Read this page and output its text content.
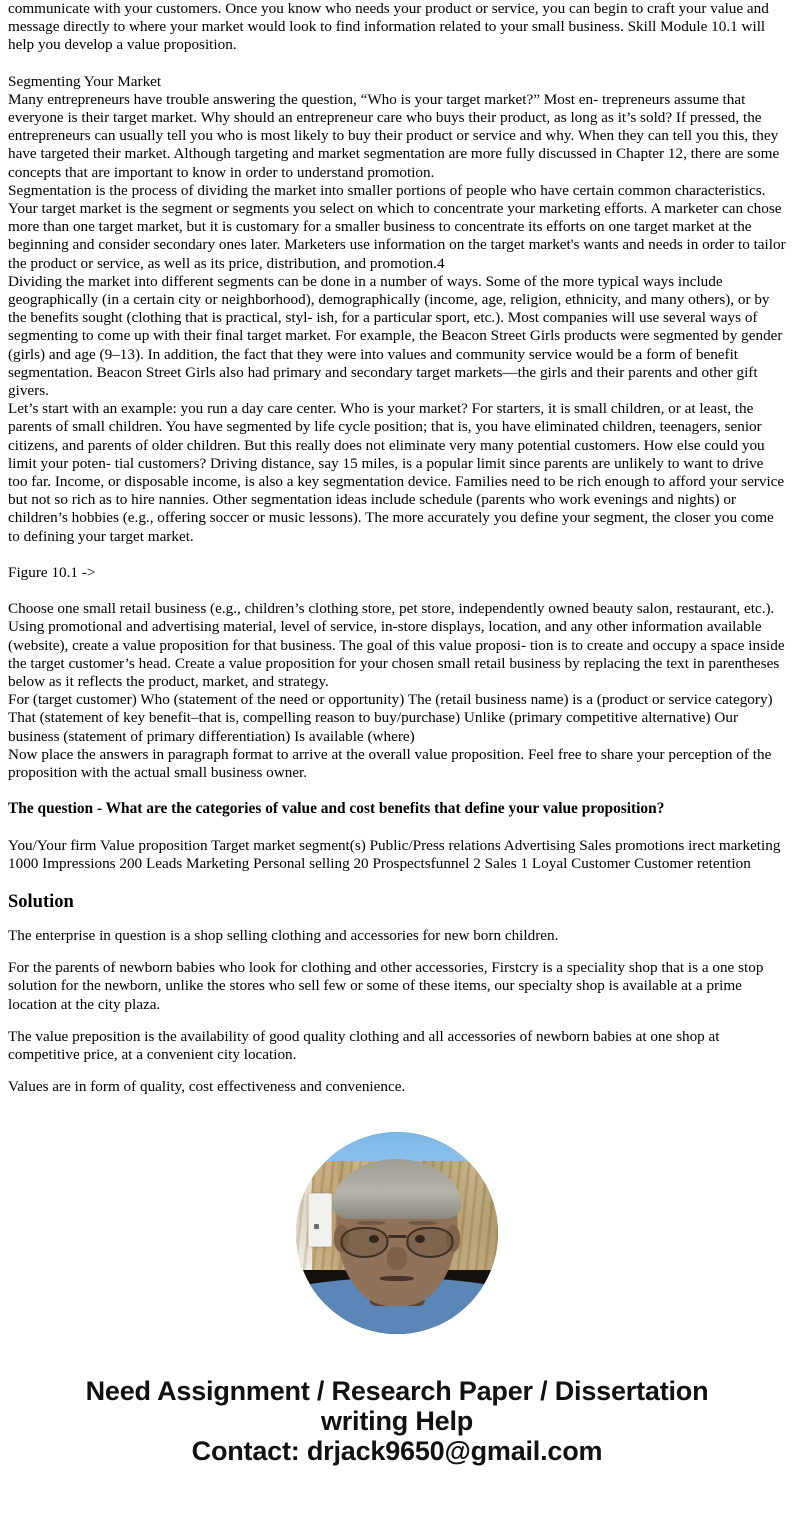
communicate with your customers. Once you know who needs your product or service, you can begin to craft your value and message directly to where your market would look to find information related to your small business. Skill Module 10.1 will help you develop a value proposition.

Segmenting Your Market

Many entrepreneurs have trouble answering the question, “Who is your target market?” Most en- trepreneurs assume that everyone is their target market. Why should an entrepreneur care who buys their product, as long as it’s sold? If pressed, the entrepreneurs can usually tell you who is most likely to buy their product or service and why. When they can tell you this, they have targeted their market. Although targeting and market segmentation are more fully discussed in Chapter 12, there are some concepts that are important to know in order to understand promotion.

Segmentation is the process of dividing the market into smaller portions of people who have certain common characteristics. Your target market is the segment or segments you select on which to concentrate your marketing efforts. A marketer can chose more than one target market, but it is customary for a smaller business to concentrate its efforts on one target market at the beginning and consider secondary ones later. Marketers use information on the target market's wants and needs in order to tailor the product or service, as well as its price, distribution, and promotion.4

Dividing the market into different segments can be done in a number of ways. Some of the more typical ways include geographically (in a certain city or neighborhood), demographically (income, age, religion, ethnicity, and many others), or by the benefits sought (clothing that is practical, styl- ish, for a particular sport, etc.). Most companies will use several ways of segmenting to come up with their final target market. For example, the Beacon Street Girls products were segmented by gender (girls) and age (9–13). In addition, the fact that they were into values and community service would be a form of benefit segmentation. Beacon Street Girls also had primary and secondary target markets—the girls and their parents and other gift givers.

Let’s start with an example: you run a day care center. Who is your market? For starters, it is small children, or at least, the parents of small children. You have segmented by life cycle position; that is, you have eliminated children, teenagers, senior citizens, and parents of older children. But this really does not eliminate very many potential customers. How else could you limit your poten- tial customers? Driving distance, say 15 miles, is a popular limit since parents are unlikely to want to drive too far. Income, or disposable income, is also a key segmentation device. Families need to be rich enough to afford your service but not so rich as to hire nannies. Other segmentation ideas include schedule (parents who work evenings and nights) or children’s hobbies (e.g., offering soccer or music lessons). The more accurately you define your segment, the closer you come to defining your target market.

Figure 10.1 ->

Choose one small retail business (e.g., children’s clothing store, pet store, independently owned beauty salon, restaurant, etc.). Using promotional and advertising material, level of service, in-store displays, location, and any other information available (website), create a value proposition for that business. The goal of this value proposi- tion is to create and occupy a space inside the target customer’s head. Create a value proposition for your chosen small retail business by replacing the text in parentheses below as it reflects the product, market, and strategy.

For (target customer) Who (statement of the need or opportunity) The (retail business name) is a (product or service category) That (statement of key benefit–that is, compelling reason to buy/purchase) Unlike (primary competitive alternative) Our business (statement of primary differentiation) Is available (where)

Now place the answers in paragraph format to arrive at the overall value proposition. Feel free to share your perception of the proposition with the actual small business owner.

The question - What are the categories of value and cost benefits that define your value proposition?

You/Your firm Value proposition Target market segment(s) Public/Press relations Advertising Sales promotions irect marketing 1000 Impressions 200 Leads Marketing Personal selling 20 Prospectsfunnel 2 Sales 1 Loyal Customer Customer retention

Solution

The enterprise in question is a shop selling clothing and accessories for new born children.

For the parents of newborn babies who look for clothing and other accessories, Firstcry is a speciality shop that is a one stop solution for the newborn, unlike the stores who sell few or some of these items, our specialty shop is available at a prime location at the city plaza.

The value preposition is the availability of good quality clothing and all accessories of newborn babies at one shop at competitive price, at a convenient city location.

Values are in form of quality, cost effectiveness and convenience.

Need Assignment / Research Paper / Dissertation
writing Help
Contact: drjack9650@gmail.com
